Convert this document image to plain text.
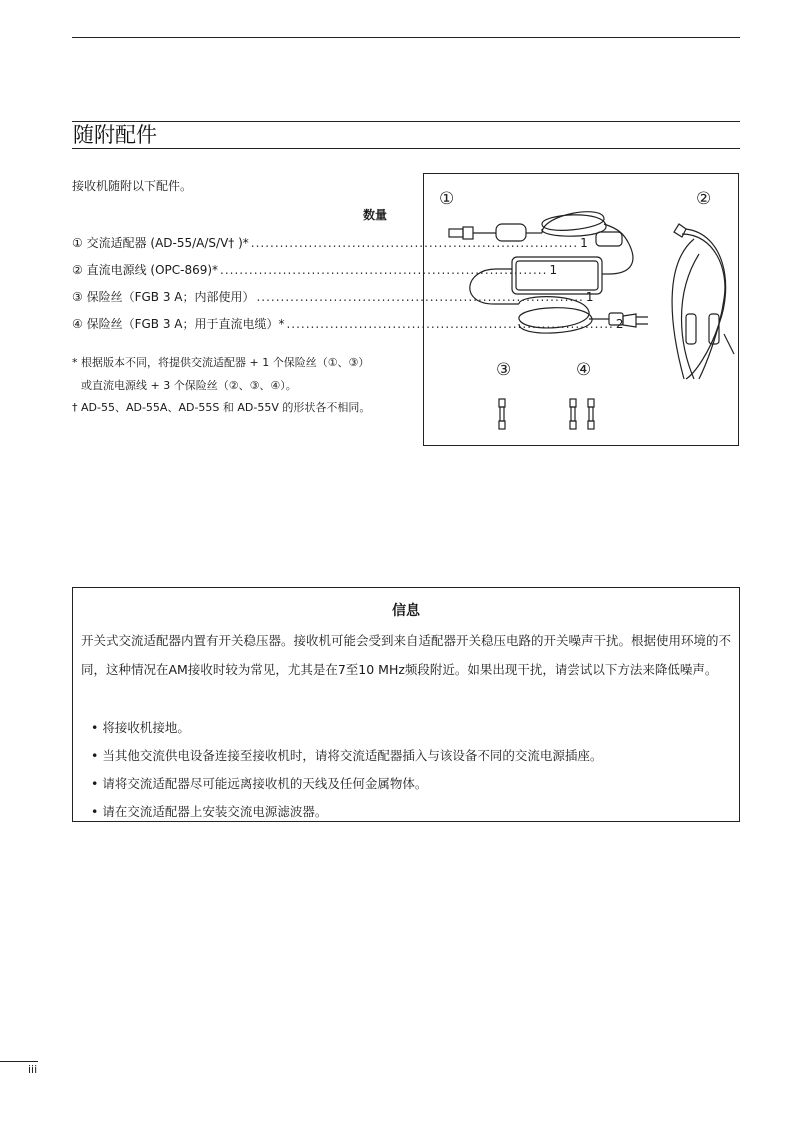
随附配件
接收机随附以下配件。
数量
① 交流适配器 (AD-55/A/S/V† )* .................................................................... 1
② 直流电源线 (OPC-869)* .................................................................... 1
③ 保险丝（FGB 3 A；内部使用） .................................................................... 1
④ 保险丝（FGB 3 A；用于直流电缆）* .................................................................... 2
* 根据版本不同，将提供交流适配器 + 1 个保险丝（①、③）
或直流电源线 + 3 个保险丝（②、③、④）。
† AD-55、AD-55A、AD-55S 和 AD-55V 的形状各不相同。
①	②
③	④
信息
开关式交流适配器内置有开关稳压器。接收机可能会受到来自适配器开关稳压电路的开关噪声干扰。根据使用环境的不同，这种情况在AM接收时较为常见，尤其是在7至10 MHz频段附近。如果出现干扰，请尝试以下方法来降低噪声。
• 将接收机接地。
• 当其他交流供电设备连接至接收机时，请将交流适配器插入与该设备不同的交流电源插座。
• 请将交流适配器尽可能远离接收机的天线及任何金属物体。
• 请在交流适配器上安装交流电源滤波器。
iii
